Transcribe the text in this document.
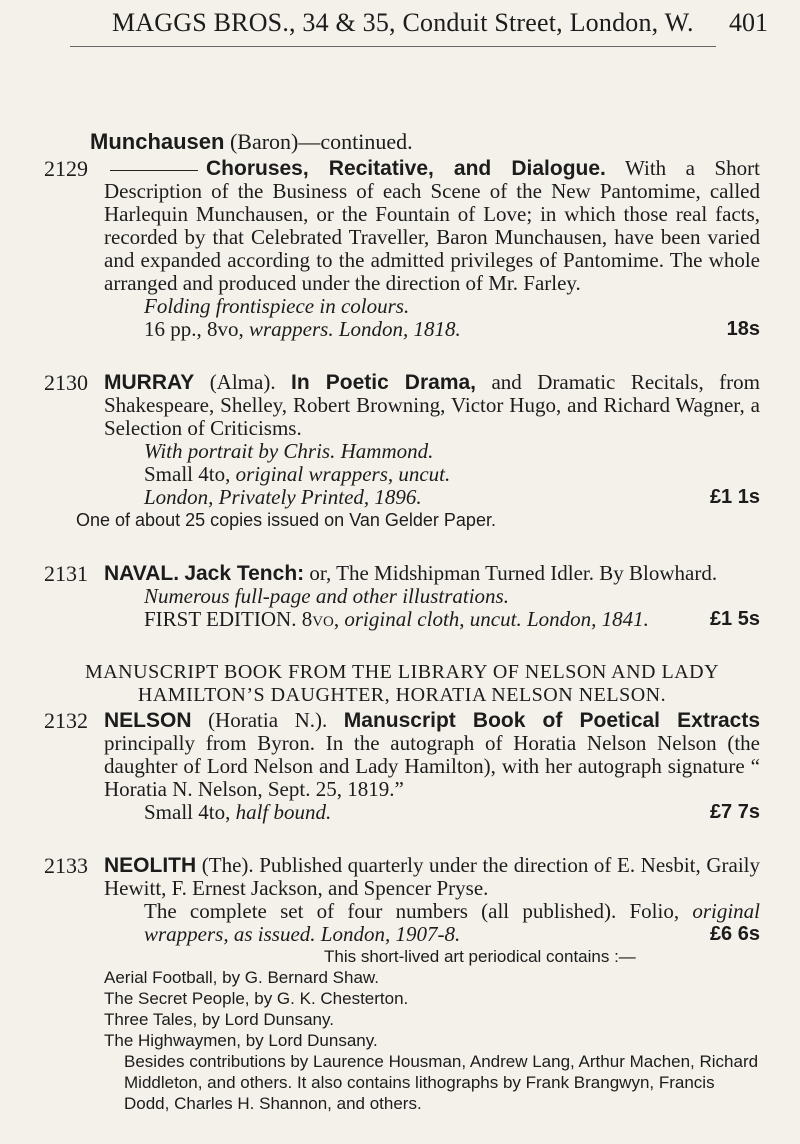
MAGGS BROS., 34 & 35, Conduit Street, London, W. 401
Munchausen (Baron)—continued.
2129	Choruses, Recitative, and Dialogue. With a Short Description of the Business of each Scene of the New Pantomime, called Harlequin Munchausen, or the Fountain of Love; in which those real facts, recorded by that Celebrated Traveller, Baron Munchausen, have been varied and expanded according to the admitted privileges of Pantomime. The whole arranged and produced under the direction of Mr. Farley.
Folding frontispiece in colours.
16 pp., 8vo, wrappers. London, 1818.	18s
2130 MURRAY (Alma). In Poetic Drama, and Dramatic Recitals, from Shakespeare, Shelley, Robert Browning, Victor Hugo, and Richard Wagner, a Selection of Criticisms.
With portrait by Chris. Hammond.
Small 4to, original wrappers, uncut.
London, Privately Printed, 1896.	£1 1s
One of about 25 copies issued on Van Gelder Paper.
2131 NAVAL. Jack Tench: or, The Midshipman Turned Idler. By Blowhard.
Numerous full-page and other illustrations.
FIRST EDITION. 8vo, original cloth, uncut. London, 1841.	£1 5s
MANUSCRIPT BOOK FROM THE LIBRARY OF NELSON AND LADY HAMILTON’S DAUGHTER, HORATIA NELSON NELSON.
2132 NELSON (Horatia N.). Manuscript Book of Poetical Extracts principally from Byron. In the autograph of Horatia Nelson Nelson (the daughter of Lord Nelson and Lady Hamilton), with her autograph signature “ Horatia N. Nelson, Sept. 25, 1819.”
Small 4to, half bound.	£7 7s
2133 NEOLITH (The). Published quarterly under the direction of E. Nesbit, Graily Hewitt, F. Ernest Jackson, and Spencer Pryse.
The complete set of four numbers (all published). Folio, original wrappers, as issued. London, 1907-8.	£6 6s
This short-lived art periodical contains :—
Aerial Football, by G. Bernard Shaw.
The Secret People, by G. K. Chesterton.
Three Tales, by Lord Dunsany.
The Highwaymen, by Lord Dunsany.
Besides contributions by Laurence Housman, Andrew Lang, Arthur Machen, Richard Middleton, and others. It also contains lithographs by Frank Brangwyn, Francis Dodd, Charles H. Shannon, and others.
